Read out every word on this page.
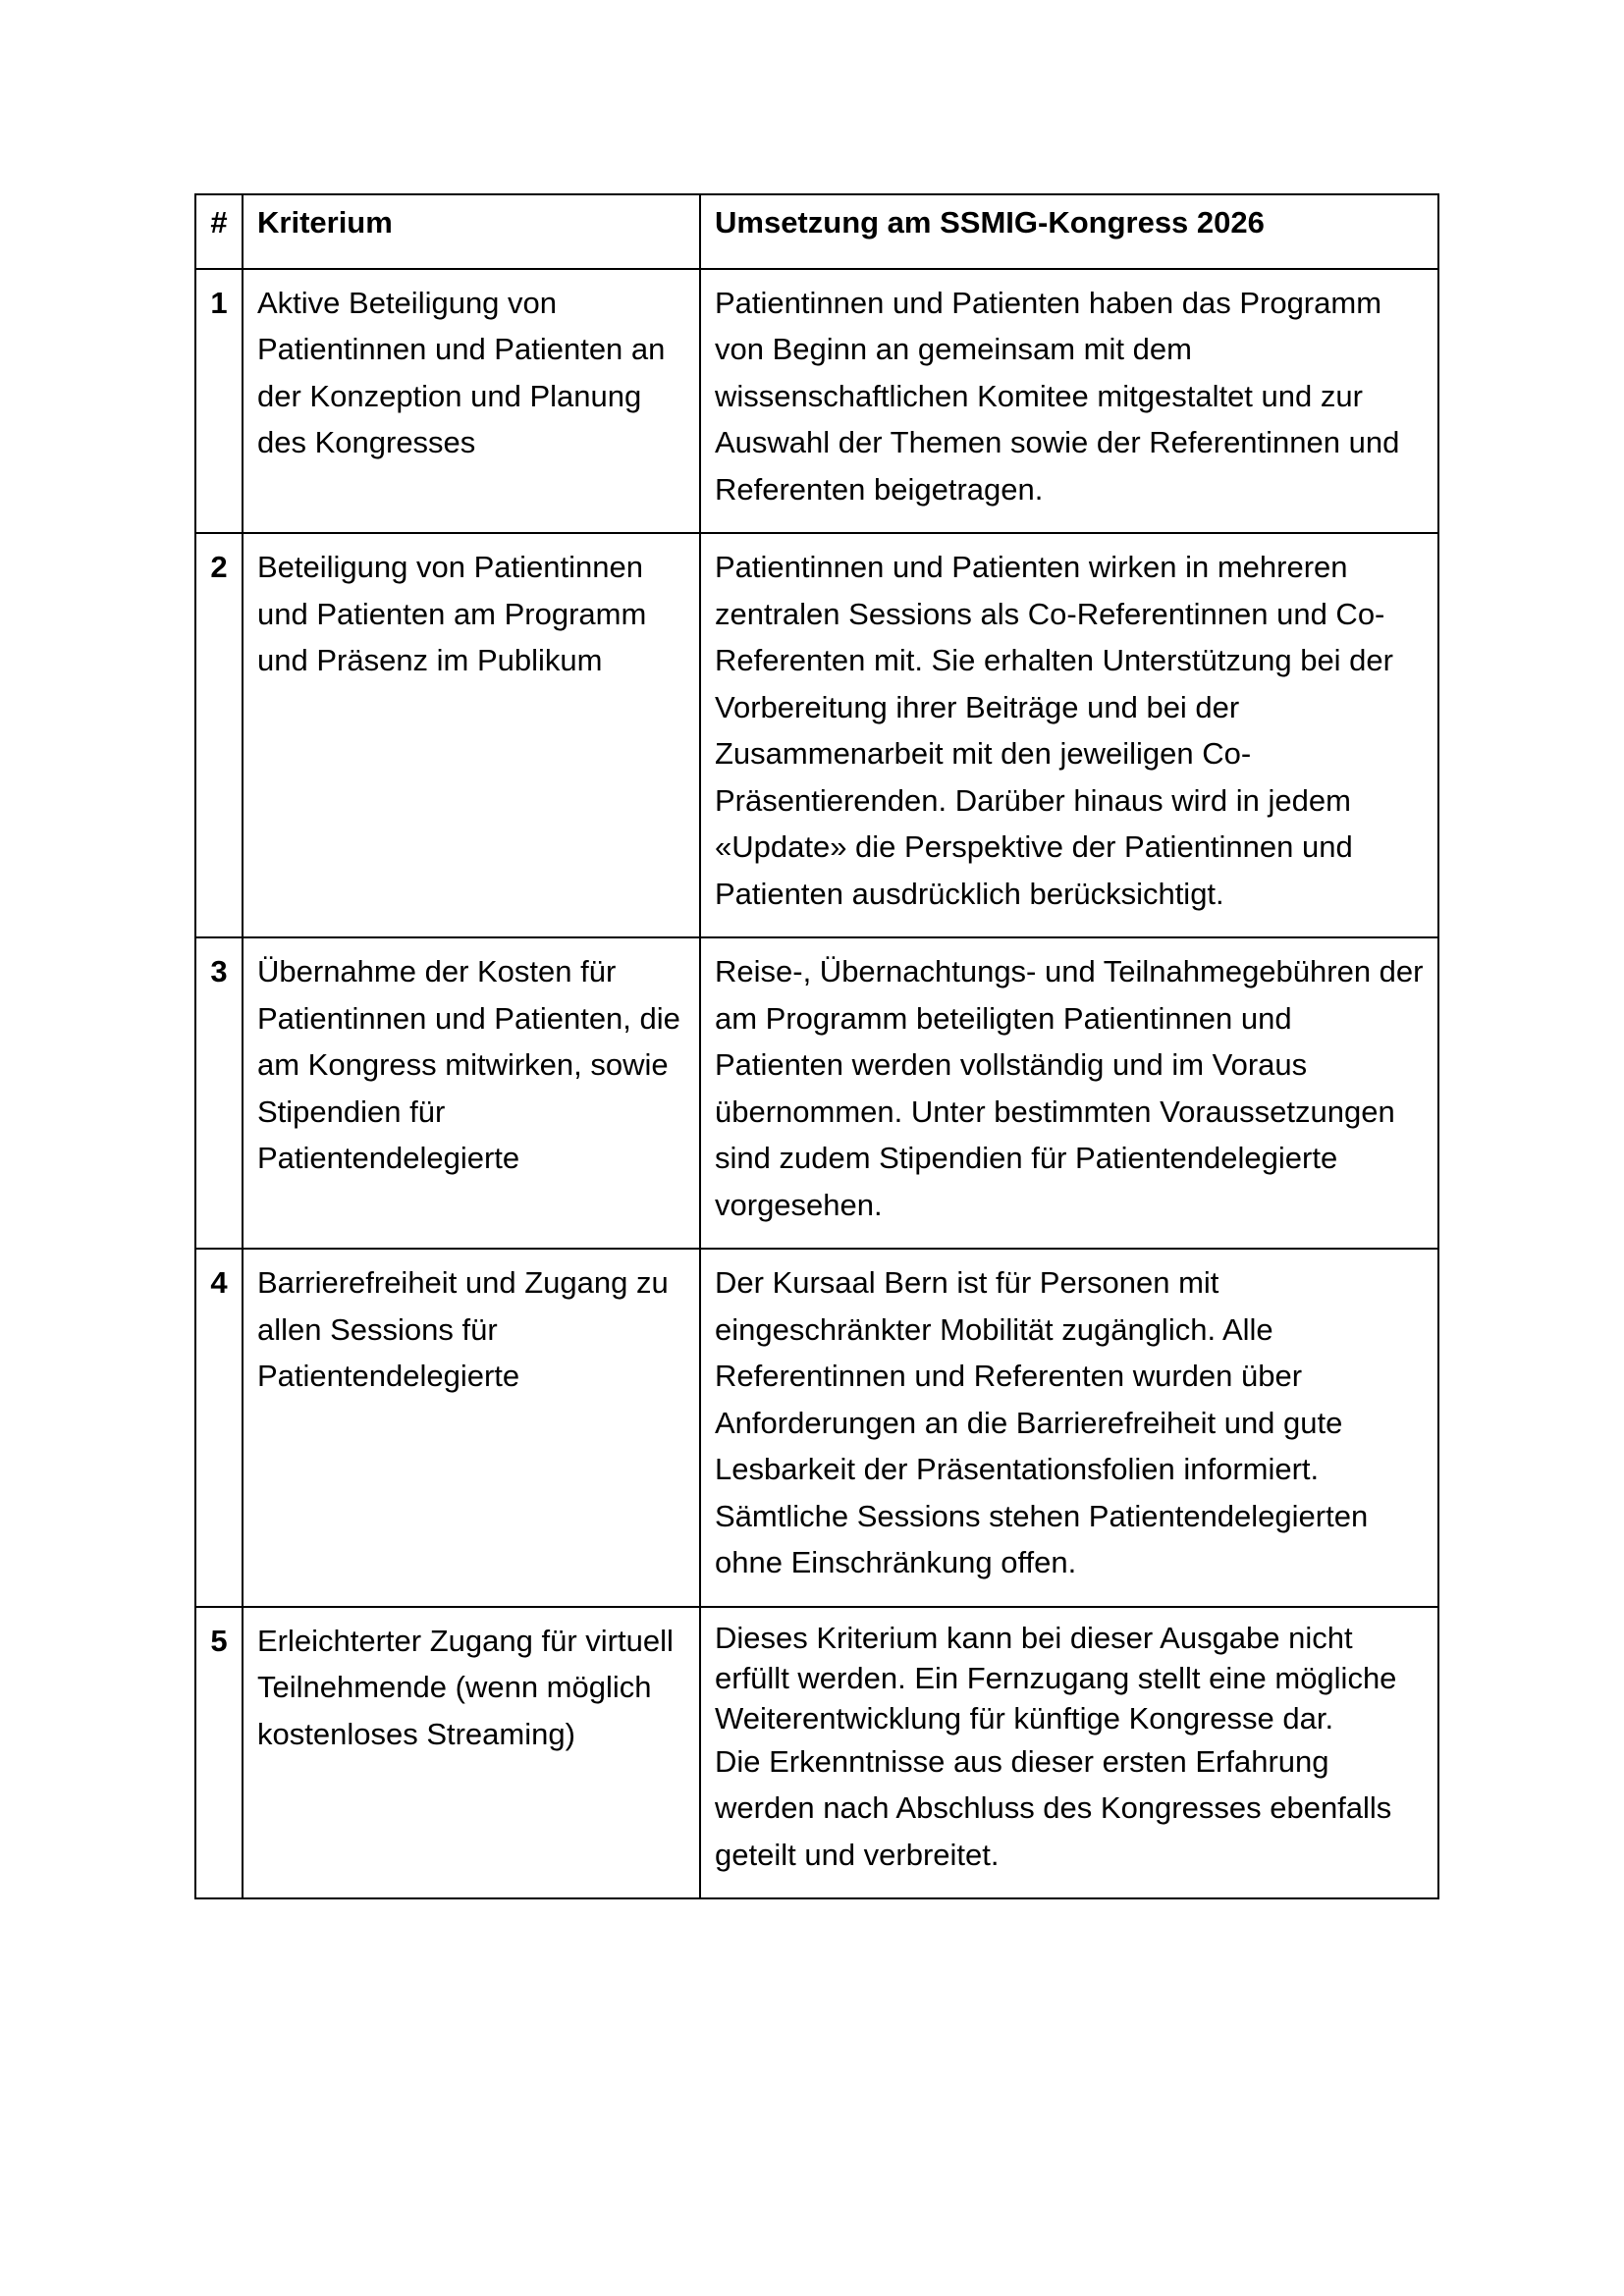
#	Kriterium	Umsetzung am SSMIG-Kongress 2026
1	Aktive Beteiligung von Patientinnen und Patienten an der Konzeption und Planung des Kongresses	Patientinnen und Patienten haben das Programm von Beginn an gemeinsam mit dem wissenschaftlichen Komitee mitgestaltet und zur Auswahl der Themen sowie der Referentinnen und Referenten beigetragen.
2	Beteiligung von Patientinnen und Patienten am Programm und Präsenz im Publikum	Patientinnen und Patienten wirken in mehreren zentralen Sessions als Co-Referentinnen und Co-Referenten mit. Sie erhalten Unterstützung bei der Vorbereitung ihrer Beiträge und bei der Zusammenarbeit mit den jeweiligen Co-Präsentierenden. Darüber hinaus wird in jedem «Update» die Perspektive der Patientinnen und Patienten ausdrücklich berücksichtigt.
3	Übernahme der Kosten für Patientinnen und Patienten, die am Kongress mitwirken, sowie Stipendien für Patientendelegierte	Reise-, Übernachtungs- und Teilnahmegebühren der am Programm beteiligten Patientinnen und Patienten werden vollständig und im Voraus übernommen. Unter bestimmten Voraussetzungen sind zudem Stipendien für Patientendelegierte vorgesehen.
4	Barrierefreiheit und Zugang zu allen Sessions für Patientendelegierte	Der Kursaal Bern ist für Personen mit eingeschränkter Mobilität zugänglich. Alle Referentinnen und Referenten wurden über Anforderungen an die Barrierefreiheit und gute Lesbarkeit der Präsentationsfolien informiert. Sämtliche Sessions stehen Patientendelegierten ohne Einschränkung offen.
5	Erleichterter Zugang für virtuell Teilnehmende (wenn möglich kostenloses Streaming)	Dieses Kriterium kann bei dieser Ausgabe nicht erfüllt werden. Ein Fernzugang stellt eine mögliche Weiterentwicklung für künftige Kongresse dar.
Die Erkenntnisse aus dieser ersten Erfahrung werden nach Abschluss des Kongresses ebenfalls geteilt und verbreitet.
